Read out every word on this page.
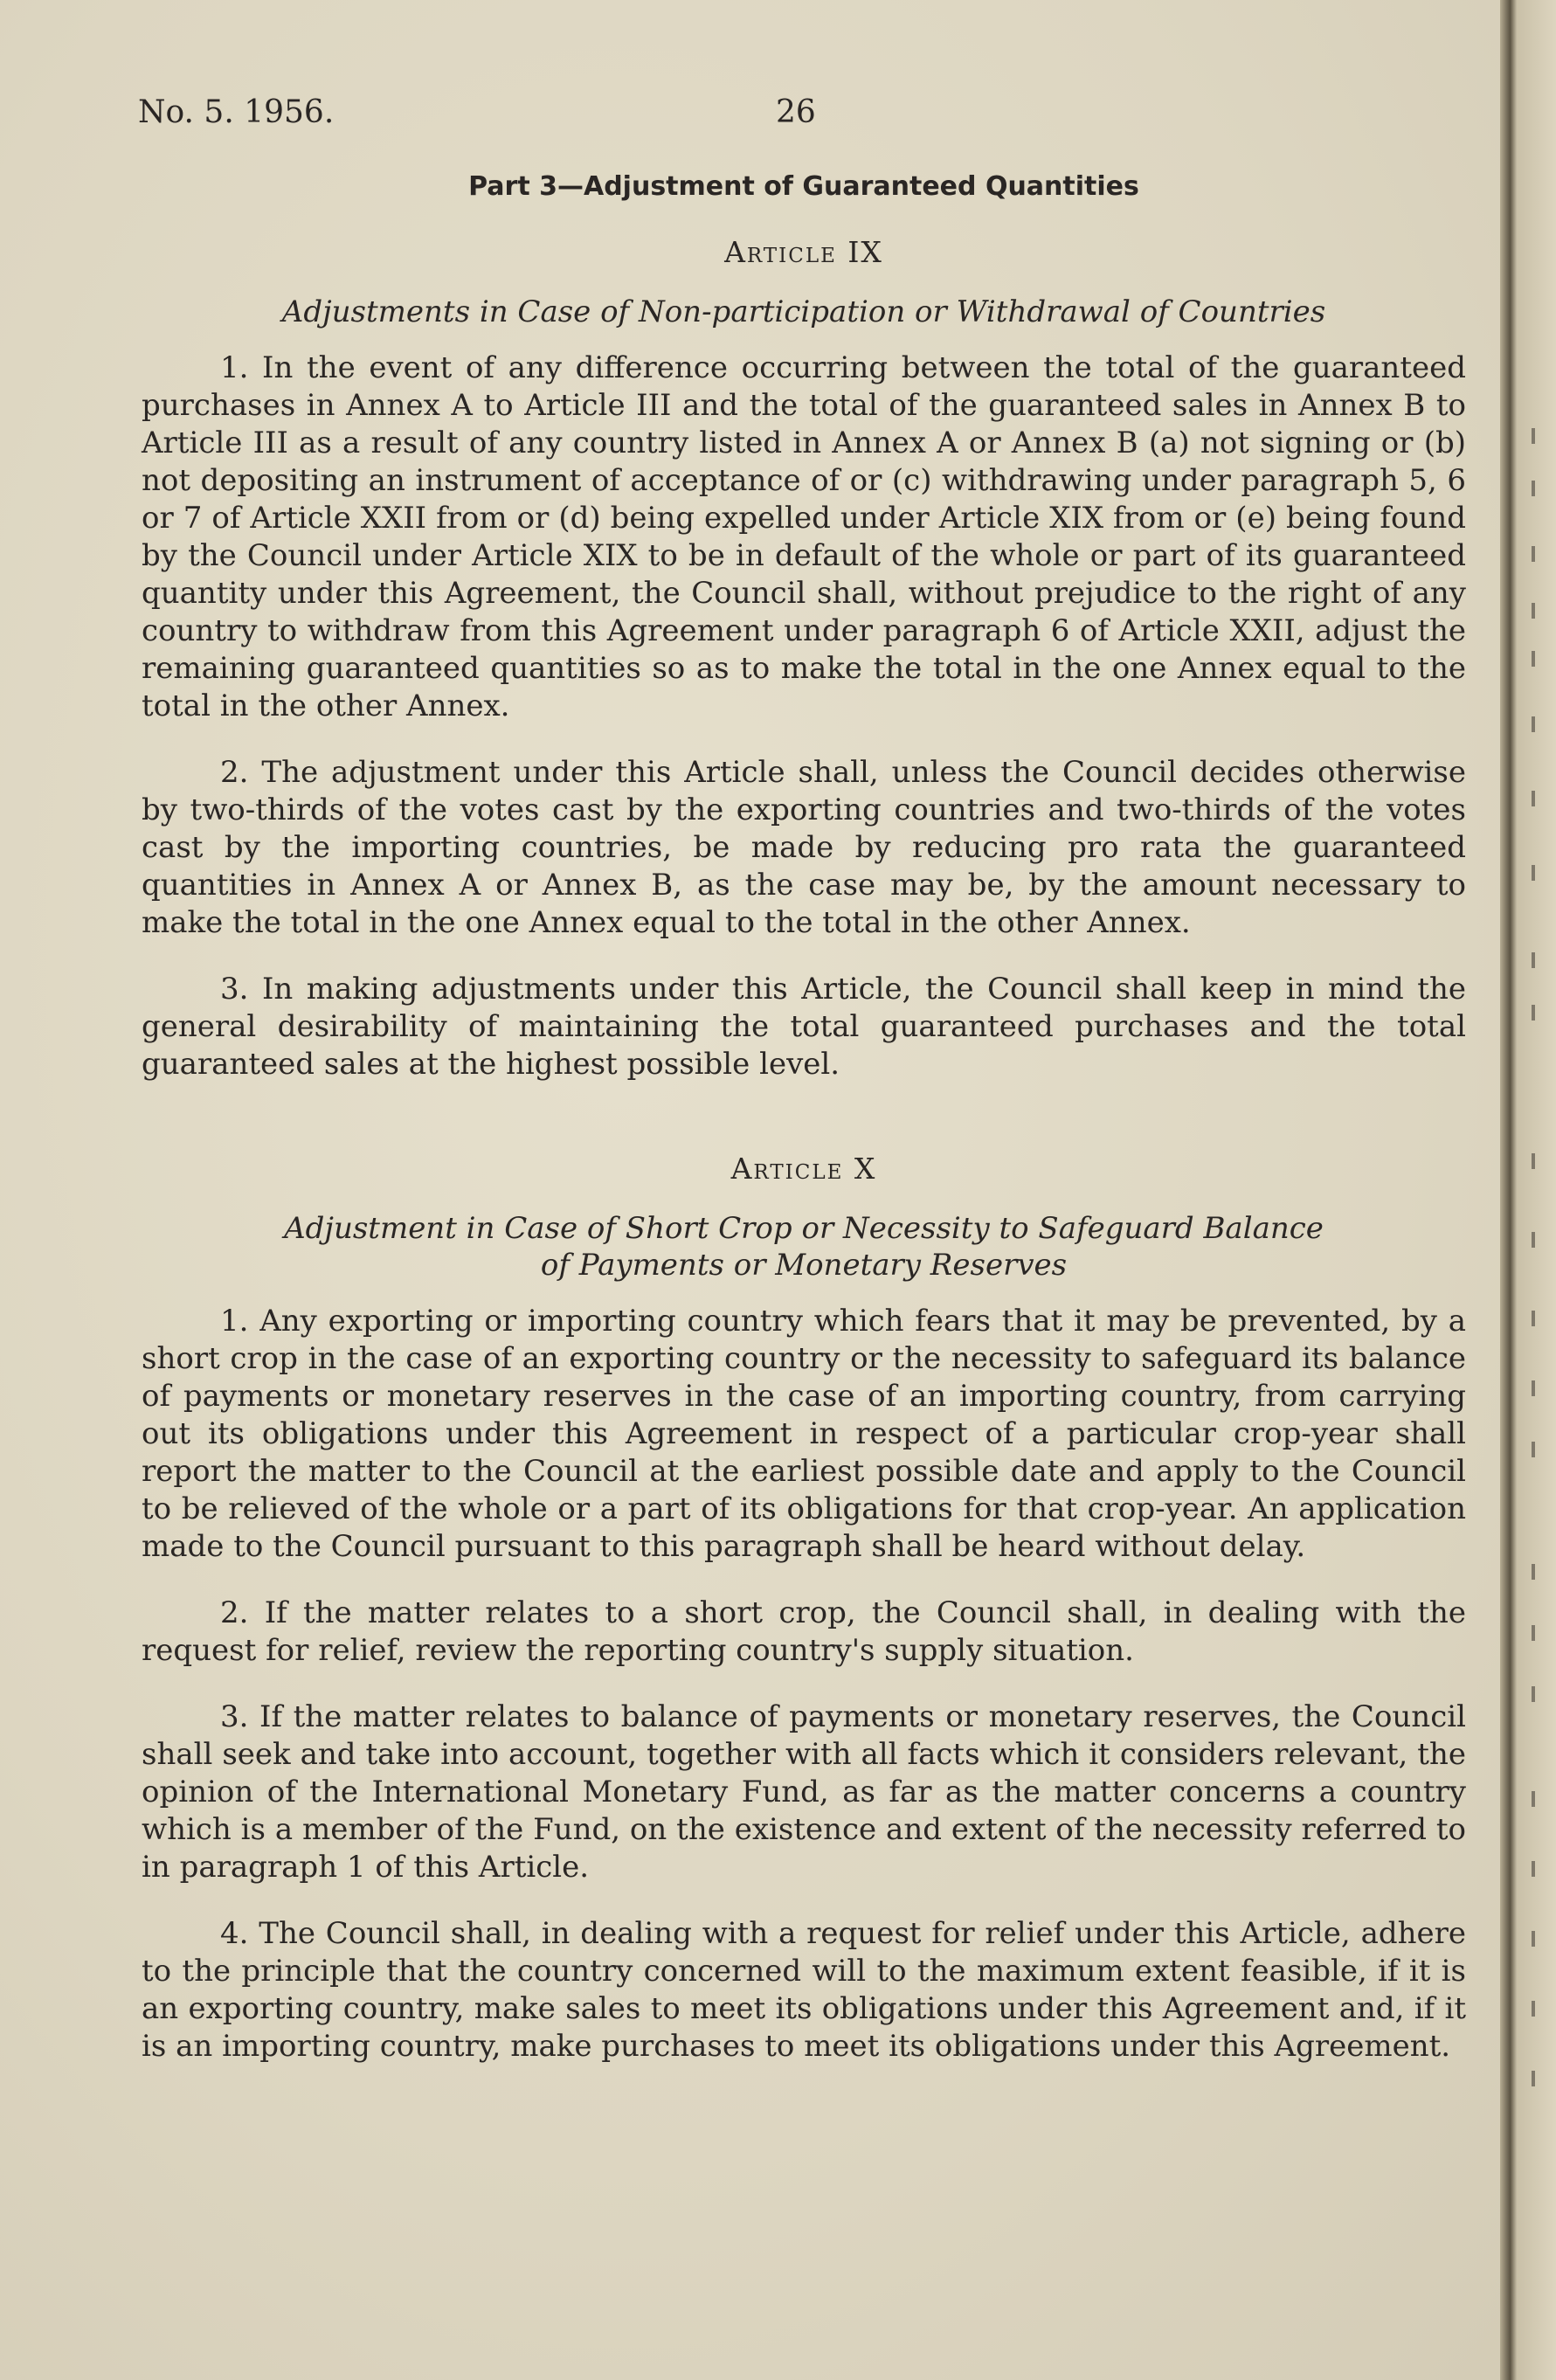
No. 5. 1956.	26
Part 3—Adjustment of Guaranteed Quantities
Article IX
Adjustments in Case of Non-participation or Withdrawal of Countries

1. In the event of any difference occurring between the total of the guaranteed purchases in Annex A to Article III and the total of the guaranteed sales in Annex B to Article III as a result of any country listed in Annex A or Annex B (a) not signing or (b) not depositing an instrument of acceptance of or (c) withdrawing under paragraph 5, 6 or 7 of Article XXII from or (d) being expelled under Article XIX from or (e) being found by the Council under Article XIX to be in default of the whole or part of its guaranteed quantity under this Agreement, the Council shall, without prejudice to the right of any country to withdraw from this Agreement under paragraph 6 of Article XXII, adjust the remaining guaranteed quantities so as to make the total in the one Annex equal to the total in the other Annex.

2. The adjustment under this Article shall, unless the Council decides otherwise by two-thirds of the votes cast by the exporting countries and two-thirds of the votes cast by the importing countries, be made by reducing pro rata the guaranteed quantities in Annex A or Annex B, as the case may be, by the amount necessary to make the total in the one Annex equal to the total in the other Annex.

3. In making adjustments under this Article, the Council shall keep in mind the general desirability of maintaining the total guaranteed purchases and the total guaranteed sales at the highest possible level.

Article X
Adjustment in Case of Short Crop or Necessity to Safeguard Balance
of Payments or Monetary Reserves

1. Any exporting or importing country which fears that it may be prevented, by a short crop in the case of an exporting country or the necessity to safeguard its balance of payments or monetary reserves in the case of an importing country, from carrying out its obligations under this Agreement in respect of a particular crop-year shall report the matter to the Council at the earliest possible date and apply to the Council to be relieved of the whole or a part of its obligations for that crop-year. An application made to the Council pursuant to this paragraph shall be heard without delay.

2. If the matter relates to a short crop, the Council shall, in dealing with the request for relief, review the reporting country's supply situation.

3. If the matter relates to balance of payments or monetary reserves, the Council shall seek and take into account, together with all facts which it considers relevant, the opinion of the International Monetary Fund, as far as the matter concerns a country which is a member of the Fund, on the existence and extent of the necessity referred to in paragraph 1 of this Article.

4. The Council shall, in dealing with a request for relief under this Article, adhere to the principle that the country concerned will to the maximum extent feasible, if it is an exporting country, make sales to meet its obligations under this Agreement and, if it is an importing country, make purchases to meet its obligations under this Agreement.
